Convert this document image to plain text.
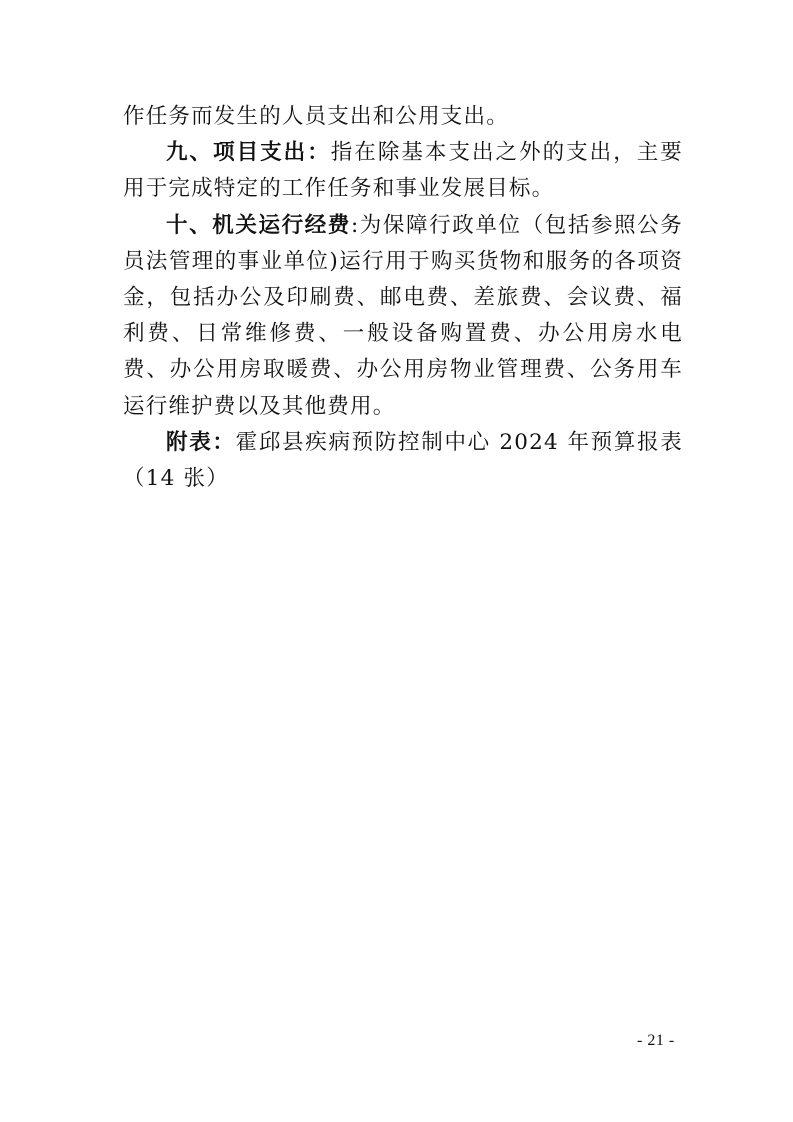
作任务而发生的人员支出和公用支出。

九、项目支出：指在除基本支出之外的支出，主要用于完成特定的工作任务和事业发展目标。

十、机关运行经费:为保障行政单位（包括参照公务员法管理的事业单位)运行用于购买货物和服务的各项资金，包括办公及印刷费、邮电费、差旅费、会议费、福利费、日常维修费、一般设备购置费、办公用房水电费、办公用房取暖费、办公用房物业管理费、公务用车运行维护费以及其他费用。

附表：霍邱县疾病预防控制中心 2024 年预算报表（14 张）

- 21 -
